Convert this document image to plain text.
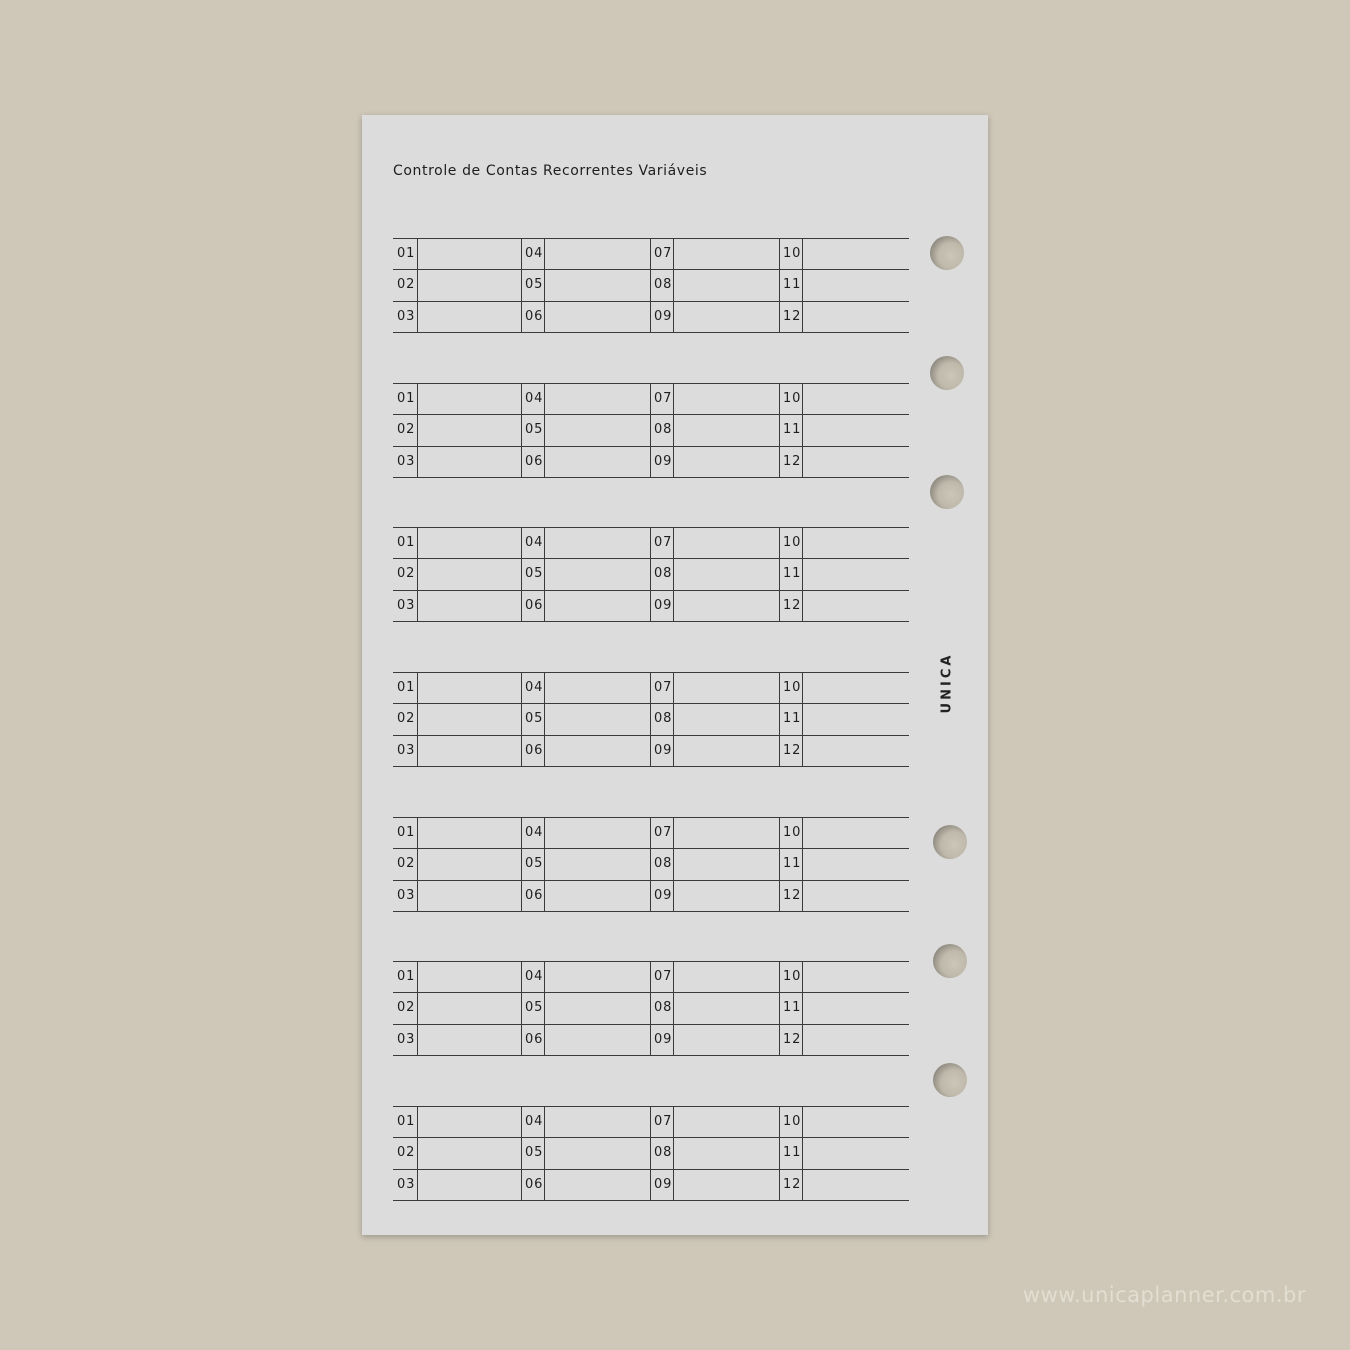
Controle de Contas Recorrentes Variáveis
01
02
03
04
05
06
07
08
09
10
11
12
01
02
03
04
05
06
07
08
09
10
11
12
01
02
03
04
05
06
07
08
09
10
11
12
01
02
03
04
05
06
07
08
09
10
11
12
01
02
03
04
05
06
07
08
09
10
11
12
01
02
03
04
05
06
07
08
09
10
11
12
01
02
03
04
05
06
07
08
09
10
11
12
UNICA
www.unicaplanner.com.br
